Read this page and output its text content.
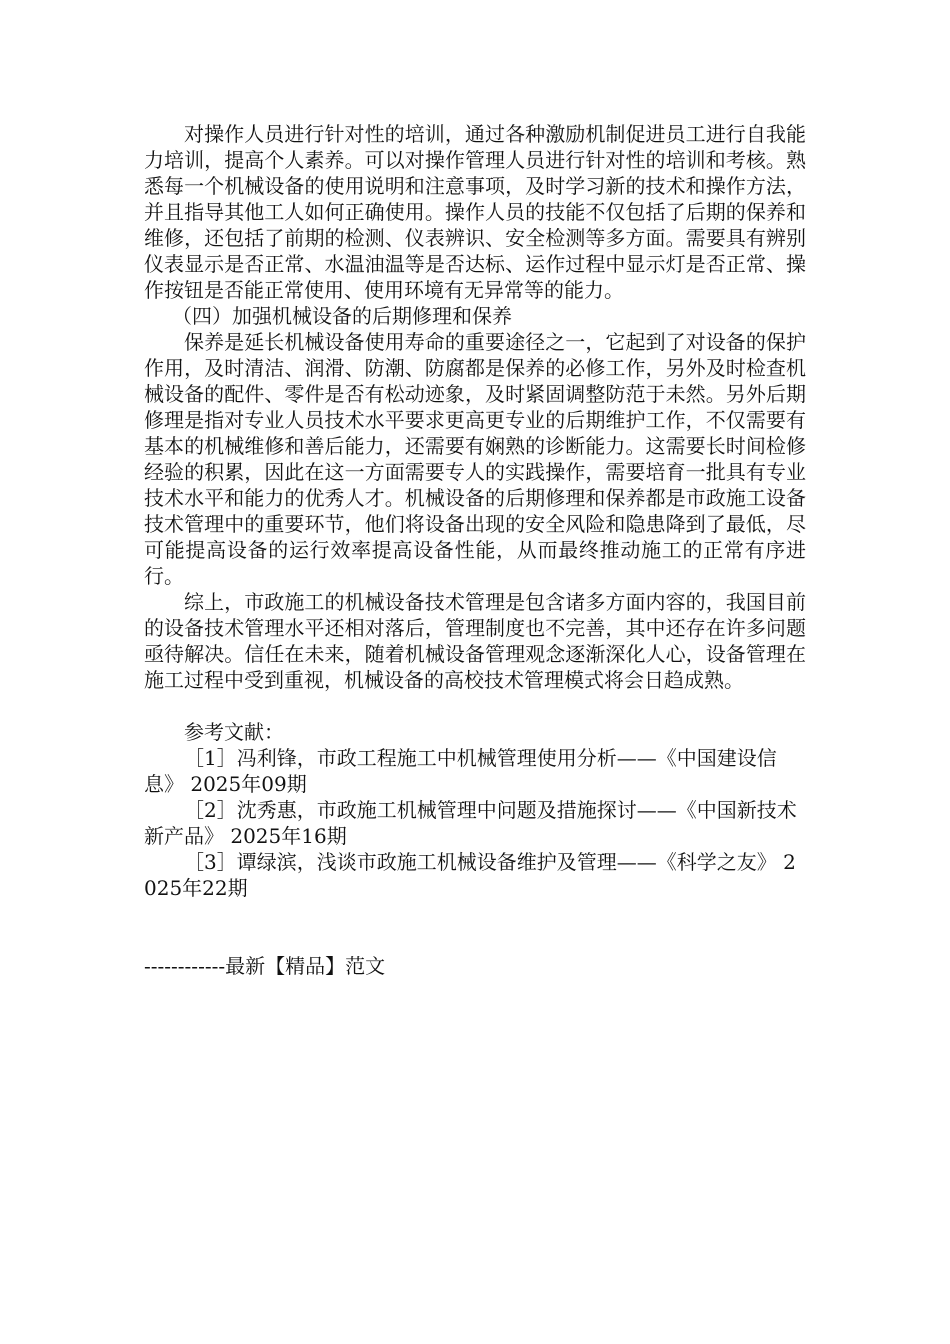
对操作人员进行针对性的培训，通过各种激励机制促进员工进行自我能力培训，提高个人素养。可以对操作管理人员进行针对性的培训和考核。熟悉每一个机械设备的使用说明和注意事项，及时学习新的技术和操作方法，并且指导其他工人如何正确使用。操作人员的技能不仅包括了后期的保养和维修，还包括了前期的检测、仪表辨识、安全检测等多方面。需要具有辨别仪表显示是否正常、水温油温等是否达标、运作过程中显示灯是否正常、操作按钮是否能正常使用、使用环境有无异常等的能力。

（四）加强机械设备的后期修理和保养

保养是延长机械设备使用寿命的重要途径之一，它起到了对设备的保护作用，及时清洁、润滑、防潮、防腐都是保养的必修工作，另外及时检查机械设备的配件、零件是否有松动迹象，及时紧固调整防范于未然。另外后期修理是指对专业人员技术水平要求更高更专业的后期维护工作，不仅需要有基本的机械维修和善后能力，还需要有娴熟的诊断能力。这需要长时间检修经验的积累，因此在这一方面需要专人的实践操作，需要培育一批具有专业技术水平和能力的优秀人才。机械设备的后期修理和保养都是市政施工设备技术管理中的重要环节，他们将设备出现的安全风险和隐患降到了最低，尽可能提高设备的运行效率提高设备性能，从而最终推动施工的正常有序进行。

综上，市政施工的机械设备技术管理是包含诸多方面内容的，我国目前的设备技术管理水平还相对落后，管理制度也不完善，其中还存在许多问题亟待解决。信任在未来，随着机械设备管理观念逐渐深化人心，设备管理在施工过程中受到重视，机械设备的高校技术管理模式将会日趋成熟。

参考文献：

［1］冯利锋，市政工程施工中机械管理使用分析——《中国建设信息》 2025年09期

［2］沈秀惠，市政施工机械管理中问题及措施探讨——《中国新技术新产品》 2025年16期

［3］谭绿滨，浅谈市政施工机械设备维护及管理——《科学之友》 2025年22期

------------最新【精品】范文
